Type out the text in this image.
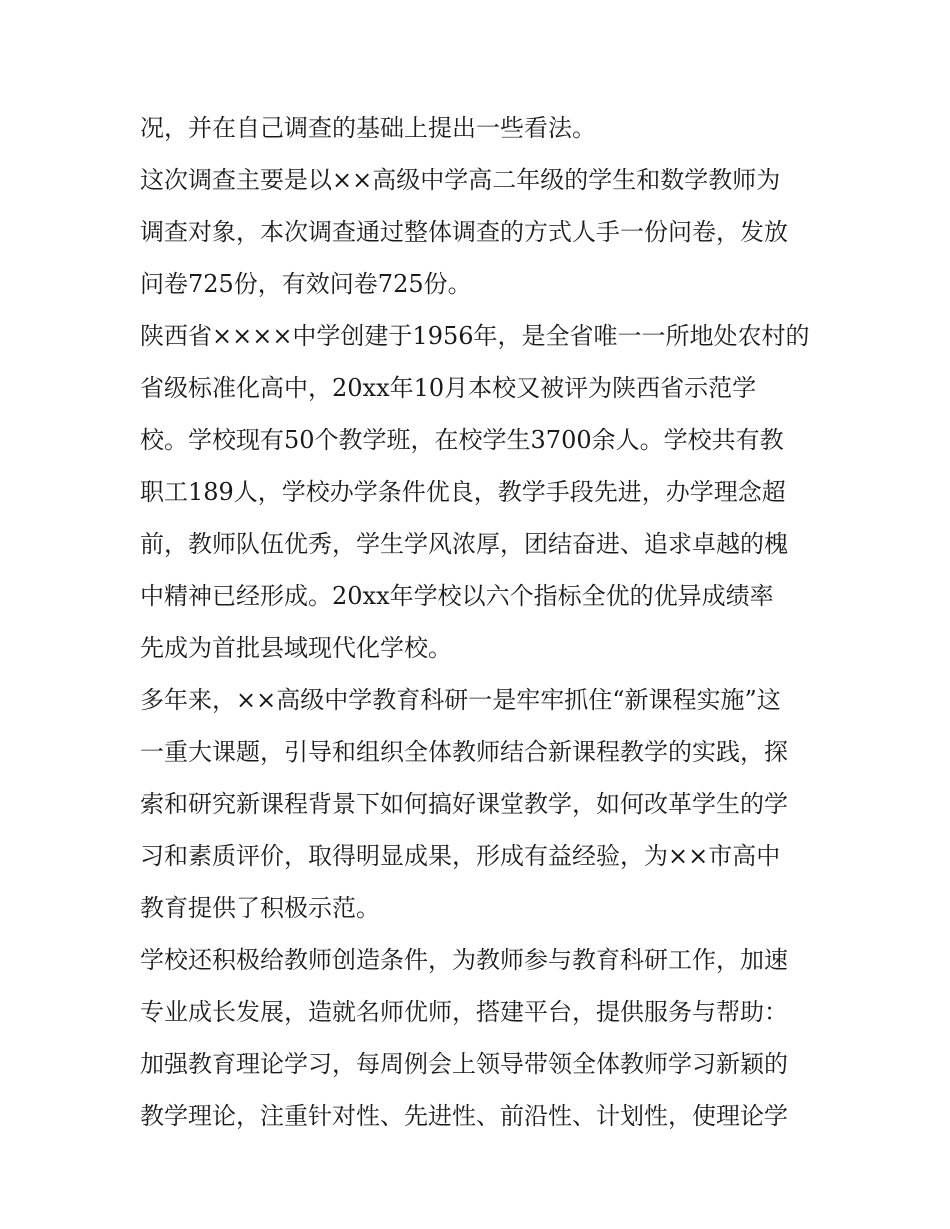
况，并在自己调查的基础上提出一些看法。
这次调查主要是以××高级中学高二年级的学生和数学教师为
调查对象，本次调查通过整体调查的方式人手一份问卷，发放
问卷725份，有效问卷725份。
陕西省××××中学创建于1956年，是全省唯一一所地处农村的
省级标准化高中，20xx年10月本校又被评为陕西省示范学
校。学校现有50个教学班，在校学生3700余人。学校共有教
职工189人，学校办学条件优良，教学手段先进，办学理念超
前，教师队伍优秀，学生学风浓厚，团结奋进、追求卓越的槐
中精神已经形成。20xx年学校以六个指标全优的优异成绩率
先成为首批县域现代化学校。
多年来，××高级中学教育科研一是牢牢抓住“新课程实施”这
一重大课题，引导和组织全体教师结合新课程教学的实践，探
索和研究新课程背景下如何搞好课堂教学，如何改革学生的学
习和素质评价，取得明显成果，形成有益经验，为××市高中
教育提供了积极示范。
学校还积极给教师创造条件，为教师参与教育科研工作，加速
专业成长发展，造就名师优师，搭建平台，提供服务与帮助：
加强教育理论学习，每周例会上领导带领全体教师学习新颖的
教学理论，注重针对性、先进性、前沿性、计划性，使理论学
